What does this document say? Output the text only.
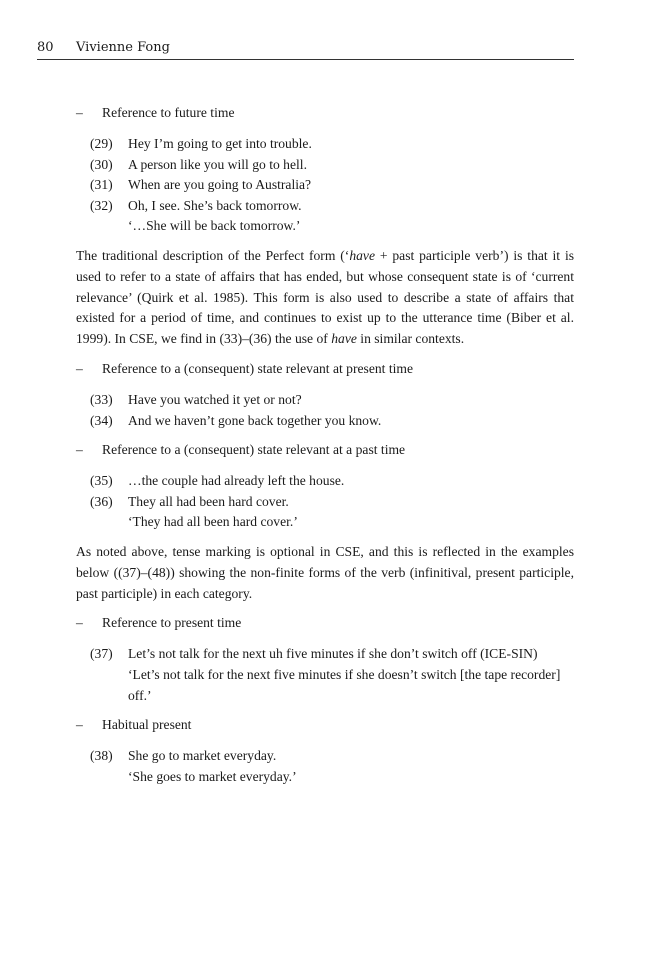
80 Vivienne Fong
– Reference to future time
(29) Hey I’m going to get into trouble.
(30) A person like you will go to hell.
(31) When are you going to Australia?
(32) Oh, I see. She’s back tomorrow.
‘…She will be back tomorrow.’

The traditional description of the Perfect form (‘have + past participle verb’) is that it is used to refer to a state of affairs that has ended, but whose consequent state is of ‘current relevance’ (Quirk et al. 1985). This form is also used to describe a state of affairs that existed for a period of time, and continues to exist up to the utterance time (Biber et al. 1999). In CSE, we find in (33)–(36) the use of have in similar contexts.

– Reference to a (consequent) state relevant at present time
(33) Have you watched it yet or not?
(34) And we haven’t gone back together you know.
– Reference to a (consequent) state relevant at a past time
(35) …the couple had already left the house.
(36) They all had been hard cover.
‘They had all been hard cover.’

As noted above, tense marking is optional in CSE, and this is reflected in the examples below ((37)–(48)) showing the non-finite forms of the verb (infinitival, present participle, past participle) in each category.

– Reference to present time
(37) Let’s not talk for the next uh five minutes if she don’t switch off (ICE-SIN)
‘Let’s not talk for the next five minutes if she doesn’t switch [the tape recorder] off.’
– Habitual present
(38) She go to market everyday.
‘She goes to market everyday.’
